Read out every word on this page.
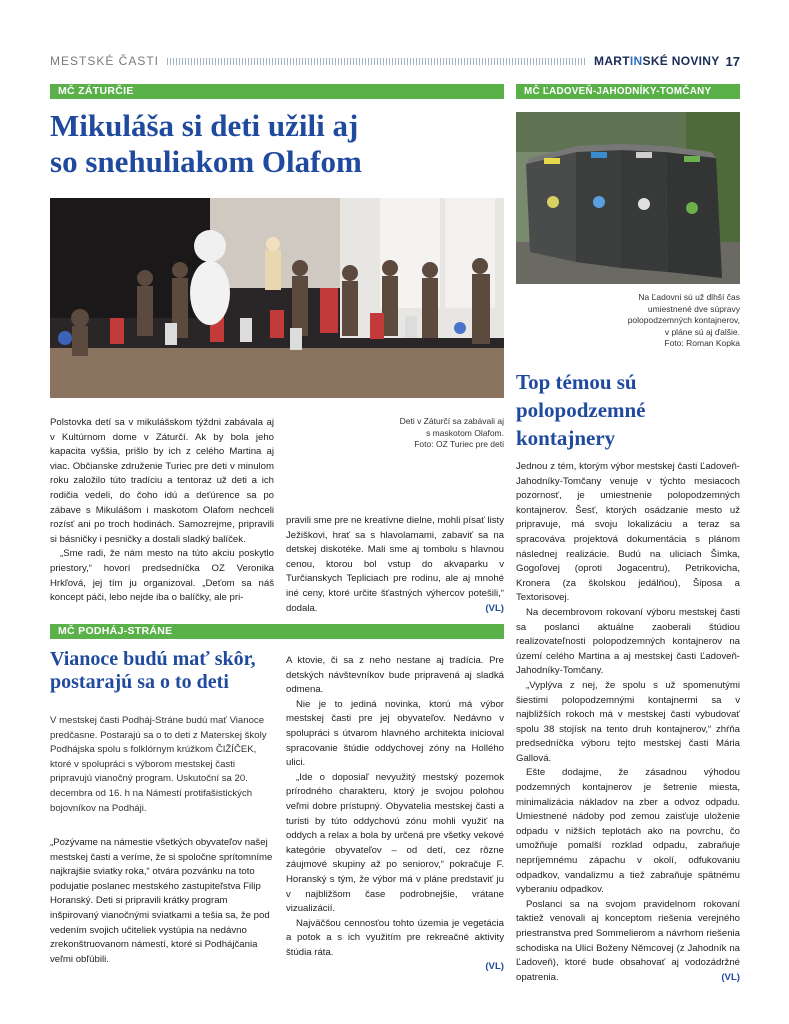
MESTSKÉ ČASTI	MARTINSKÉ NOVINY 17
MČ ZÁTURČIE
Mikuláša si deti užili aj
so snehuliakom Olafom
Deti v Záturčí sa zabávali aj
s maskotom Olafom.
Foto: OZ Turiec pre deti

Polstovka detí sa v mikulášskom týždni zabávala aj v Kultúrnom dome v Záturčí. Ak by bola jeho kapacita vyššia, prišlo by ich z celého Martina aj viac. Občianske združenie Turiec pre deti v minulom roku založilo túto tradíciu a tentoraz už deti a ich rodičia vedeli, do čoho idú a deťúrence sa po zábave s Mikulášom i maskotom Olafom nechceli rozísť ani po troch hodinách. Samozrejme, pripravili si básničky i pesničky a dostali sladký balíček.

„Sme radi, že nám mesto na túto akciu poskytlo priestory,“ hovorí predsedníčka OZ Veronika Hrkľová, jej tím ju organizoval. „Deťom sa náš koncept páči, lebo nejde iba o balíčky, ale pri-

pravili sme pre ne kreatívne dielne, mohli písať listy Ježiškovi, hrať sa s hlavolamami, zabaviť sa na detskej diskotéke. Mali sme aj tombolu s hlavnou cenou, ktorou bol vstup do akvaparku v Turčianskych Tepliciach pre rodinu, ale aj mnohé iné ceny, ktoré určite šťastných výhercov potešili,“ dodala.	(VL)
MČ PODHÁJ-STRÁNE
Vianoce budú mať skôr,
postarajú sa o to deti

V mestskej časti Podháj-Stráne budú mať Vianoce predčasne. Postarajú sa o to deti z Materskej školy Podhájska spolu s folklórnym krúžkom ČIŽÍČEK, ktoré v spolupráci s výborom mestskej časti pripravujú vianočný program. Uskutoční sa 20. decembra od 16. h na Námestí protifašistických bojovníkov na Podháji.

„Pozývame na námestie všetkých obyvateľov našej mestskej časti a veríme, že si spoločne sprítomníme najkrajšie sviatky roka,“ otvára pozvánku na toto podujatie poslanec mestského zastupiteľstva Filip Horanský. Deti si pripravili krátky program inšpirovaný vianočnými sviatkami a tešia sa, že pod vedením svojich učiteliek vystúpia na nedávno zrekonštruovanom námestí, ktoré si Podhájčania veľmi obľúbili.

A ktovie, či sa z neho nestane aj tradícia. Pre detských návštevníkov bude pripravená aj sladká odmena.

Nie je to jediná novinka, ktorú má výbor mestskej časti pre jej obyvateľov. Nedávno v spolupráci s útvarom hlavného architekta inicioval spracovanie štúdie oddychovej zóny na Hollého ulici.

„Ide o doposiaľ nevyužitý mestský pozemok prírodného charakteru, ktorý je svojou polohou veľmi dobre prístupný. Obyvatelia mestskej časti a turisti by túto oddychovú zónu mohli využiť na oddych a relax a bola by určená pre všetky vekové kategórie obyvateľov – od detí, cez rôzne záujmové skupiny až po seniorov,“ pokračuje F. Horanský s tým, že výbor má v pláne predstaviť ju v najbližšom čase podrobnejšie, vrátane vizualizácií.

Najväčšou cennosťou tohto územia je vegetácia a potok a s ich využitím pre rekreačné aktivity štúdia ráta.

(VL)
MČ ĽADOVEŇ-JAHODNÍKY-TOMČANY
Na Ľadovni sú už dlhší čas
umiestnené dve súpravy
polopodzemných kontajnerov,
v pláne sú aj ďalšie.
Foto: Roman Kopka
Top témou sú
polopodzemné
kontajnery

Jednou z tém, ktorým výbor mestskej časti Ľadoveň-Jahodníky-Tomčany venuje v týchto mesiacoch pozornosť, je umiestnenie polopodzemných kontajnerov. Šesť, ktorých osádzanie mesto už pripravuje, má svoju lokalizáciu a teraz sa spracováva projektová dokumentácia s plánom následnej realizácie. Budú na uliciach Šimka, Gogoľovej (oproti Jogacentru), Petrikovicha, Kronera (za školskou jedálňou), Šiposa a Textorisovej.

Na decembrovom rokovaní výboru mestskej časti sa poslanci aktuálne zaoberali štúdiou realizovateľnosti polopodzemných kontajnerov na území celého Martina a aj mestskej časti Ľadoveň-Jahodníky-Tomčany.

„Vyplýva z nej, že spolu s už spomenutými šiestimi polopodzemnými kontajnermi sa v najbližších rokoch má v mestskej časti vybudovať spolu 38 stojísk na tento druh kontajnerov,“ zhŕňa predsedníčka výboru tejto mestskej časti Mária Gallová.

Ešte dodajme, že zásadnou výhodou podzemných kontajnerov je šetrenie miesta, minimalizácia nákladov na zber a odvoz odpadu. Umiestnené nádoby pod zemou zaisťuje uloženie odpadu v nižších teplotách ako na povrchu, čo umožňuje pomalší rozklad odpadu, zabraňuje nepríjemnému zápachu v okolí, odfukovaniu odpadkov, vandalizmu a tiež zabraňuje spätnému vyberaniu odpadkov.

Poslanci sa na svojom pravidelnom rokovaní taktiež venovali aj konceptom riešenia verejného priestranstva pred Sommelierom a návrhom riešenia schodiska na Ulici Boženy Němcovej (z Jahodník na Ľadoveň), ktoré bude obsahovať aj vodozádržné opatrenia.	(VL)
